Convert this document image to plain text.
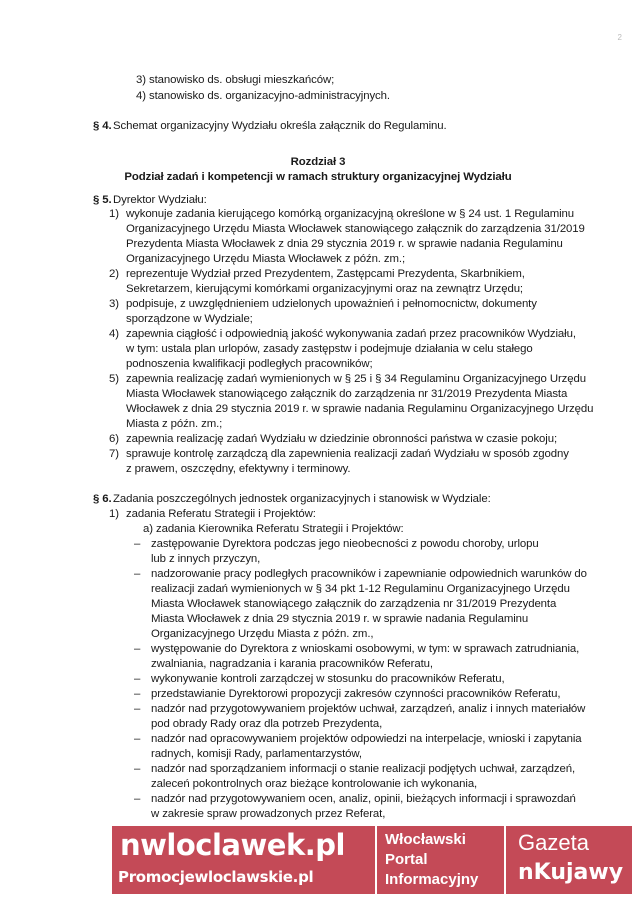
2
3) stanowisko ds. obsługi mieszkańców;
4) stanowisko ds. organizacyjno-administracyjnych.
§ 4. Schemat organizacyjny Wydziału określa załącznik do Regulaminu.
§ 5. Dyrektor Wydziału:
1) wykonuje zadania kierującego komórką organizacyjną określone w § 24 ust. 1 Regulaminu
Organizacyjnego Urzędu Miasta Włocławek stanowiącego załącznik do zarządzenia 31/2019
Prezydenta Miasta Włocławek z dnia 29 stycznia 2019 r. w sprawie nadania Regulaminu
Organizacyjnego Urzędu Miasta Włocławek z późn. zm.;
2) reprezentuje Wydział przed Prezydentem, Zastępcami Prezydenta, Skarbnikiem,
Sekretarzem, kierującymi komórkami organizacyjnymi oraz na zewnątrz Urzędu;
3) podpisuje, z uwzględnieniem udzielonych upoważnień i pełnomocnictw, dokumenty
sporządzone w Wydziale;
4) zapewnia ciągłość i odpowiednią jakość wykonywania zadań przez pracowników Wydziału,
w tym: ustala plan urlopów, zasady zastępstw i podejmuje działania w celu stałego
podnoszenia kwalifikacji podległych pracowników;
5) zapewnia realizację zadań wymienionych w § 25 i § 34 Regulaminu Organizacyjnego Urzędu
Miasta Włocławek stanowiącego załącznik do zarządzenia nr 31/2019 Prezydenta Miasta
Włocławek z dnia 29 stycznia 2019 r. w sprawie nadania Regulaminu Organizacyjnego Urzędu
Miasta z późn. zm.;
6) zapewnia realizację zadań Wydziału w dziedzinie obronności państwa w czasie pokoju;
7) sprawuje kontrolę zarządczą dla zapewnienia realizacji zadań Wydziału w sposób zgodny
z prawem, oszczędny, efektywny i terminowy.
§ 6. Zadania poszczególnych jednostek organizacyjnych i stanowisk w Wydziale:
1) zadania Referatu Strategii i Projektów:
a) zadania Kierownika Referatu Strategii i Projektów:
– zastępowanie Dyrektora podczas jego nieobecności z powodu choroby, urlopu
lub z innych przyczyn,
– nadzorowanie pracy podległych pracowników i zapewnianie odpowiednich warunków do
realizacji zadań wymienionych w § 34 pkt 1-12 Regulaminu Organizacyjnego Urzędu
Miasta Włocławek stanowiącego załącznik do zarządzenia nr 31/2019 Prezydenta
Miasta Włocławek z dnia 29 stycznia 2019 r. w sprawie nadania Regulaminu
Organizacyjnego Urzędu Miasta z późn. zm.,
– występowanie do Dyrektora z wnioskami osobowymi, w tym: w sprawach zatrudniania,
zwalniania, nagradzania i karania pracowników Referatu,
– wykonywanie kontroli zarządczej w stosunku do pracowników Referatu,
– przedstawianie Dyrektorowi propozycji zakresów czynności pracowników Referatu,
– nadzór nad przygotowywaniem projektów uchwał, zarządzeń, analiz i innych materiałów
pod obrady Rady oraz dla potrzeb Prezydenta,
– nadzór nad opracowywaniem projektów odpowiedzi na interpelacje, wnioski i zapytania
radnych, komisji Rady, parlamentarzystów,
– nadzór nad sporządzaniem informacji o stanie realizacji podjętych uchwał, zarządzeń,
zaleceń pokontrolnych oraz bieżące kontrolowanie ich wykonania,
– nadzór nad przygotowywaniem ocen, analiz, opinii, bieżących informacji i sprawozdań
w zakresie spraw prowadzonych przez Referat,
Rozdział 3
Podział zadań i kompetencji w ramach struktury organizacyjnej Wydziału
nwloclawek.pl
Promocjewloclawskie.pl
Włocławski
Portal
Informacyjny
Gazeta
nKujawy
